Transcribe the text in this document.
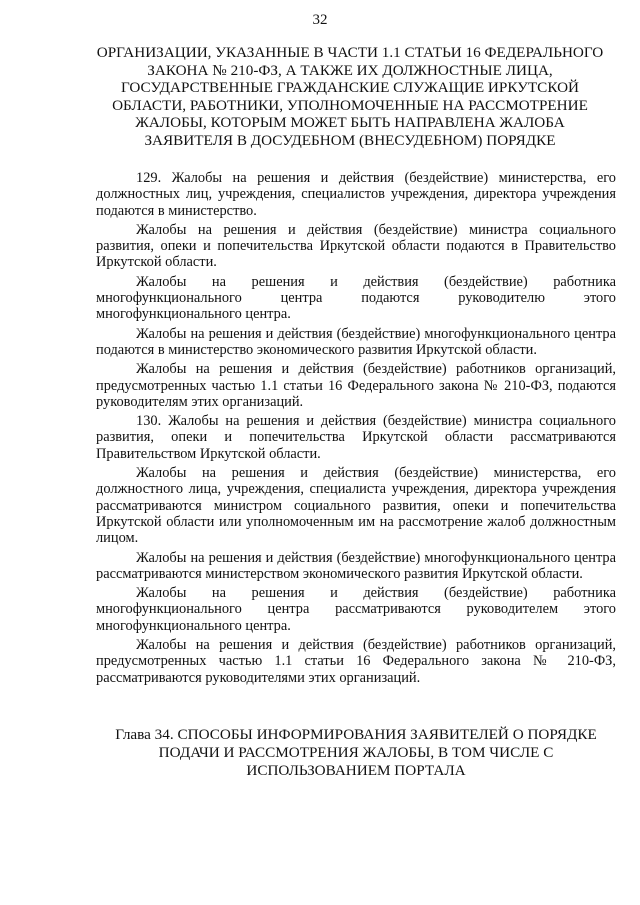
32
ОРГАНИЗАЦИИ, УКАЗАННЫЕ В ЧАСТИ 1.1 СТАТЬИ 16 ФЕДЕРАЛЬНОГО ЗАКОНА № 210-ФЗ, А ТАКЖЕ ИХ ДОЛЖНОСТНЫЕ ЛИЦА, ГОСУДАРСТВЕННЫЕ ГРАЖДАНСКИЕ СЛУЖАЩИЕ ИРКУТСКОЙ ОБЛАСТИ, РАБОТНИКИ, УПОЛНОМОЧЕННЫЕ НА РАССМОТРЕНИЕ ЖАЛОБЫ, КОТОРЫМ МОЖЕТ БЫТЬ НАПРАВЛЕНА ЖАЛОБА ЗАЯВИТЕЛЯ В ДОСУДЕБНОМ (ВНЕСУДЕБНОМ) ПОРЯДКЕ

129. Жалобы на решения и действия (бездействие) министерства, его должностных лиц, учреждения, специалистов учреждения, директора учреждения подаются в министерство.

Жалобы на решения и действия (бездействие) министра социального развития, опеки и попечительства Иркутской области подаются в Правительство Иркутской области.

Жалобы на решения и действия (бездействие) работника многофункционального центра подаются руководителю этого многофункционального центра.

Жалобы на решения и действия (бездействие) многофункционального центра подаются в министерство экономического развития Иркутской области.

Жалобы на решения и действия (бездействие) работников организаций, предусмотренных частью 1.1 статьи 16 Федерального закона № 210-ФЗ, подаются руководителям этих организаций.

130. Жалобы на решения и действия (бездействие) министра социального развития, опеки и попечительства Иркутской области рассматриваются Правительством Иркутской области.

Жалобы на решения и действия (бездействие) министерства, его должностного лица, учреждения, специалиста учреждения, директора учреждения рассматриваются министром социального развития, опеки и попечительства Иркутской области или уполномоченным им на рассмотрение жалоб должностным лицом.

Жалобы на решения и действия (бездействие) многофункционального центра рассматриваются министерством экономического развития Иркутской области.

Жалобы на решения и действия (бездействие) работника многофункционального центра рассматриваются руководителем этого многофункционального центра.

Жалобы на решения и действия (бездействие) работников организаций, предусмотренных частью 1.1 статьи 16 Федерального закона № 210-ФЗ, рассматриваются руководителями этих организаций.

Глава 34. СПОСОБЫ ИНФОРМИРОВАНИЯ ЗАЯВИТЕЛЕЙ О ПОРЯДКЕ ПОДАЧИ И РАССМОТРЕНИЯ ЖАЛОБЫ, В ТОМ ЧИСЛЕ С ИСПОЛЬЗОВАНИЕМ ПОРТАЛА
